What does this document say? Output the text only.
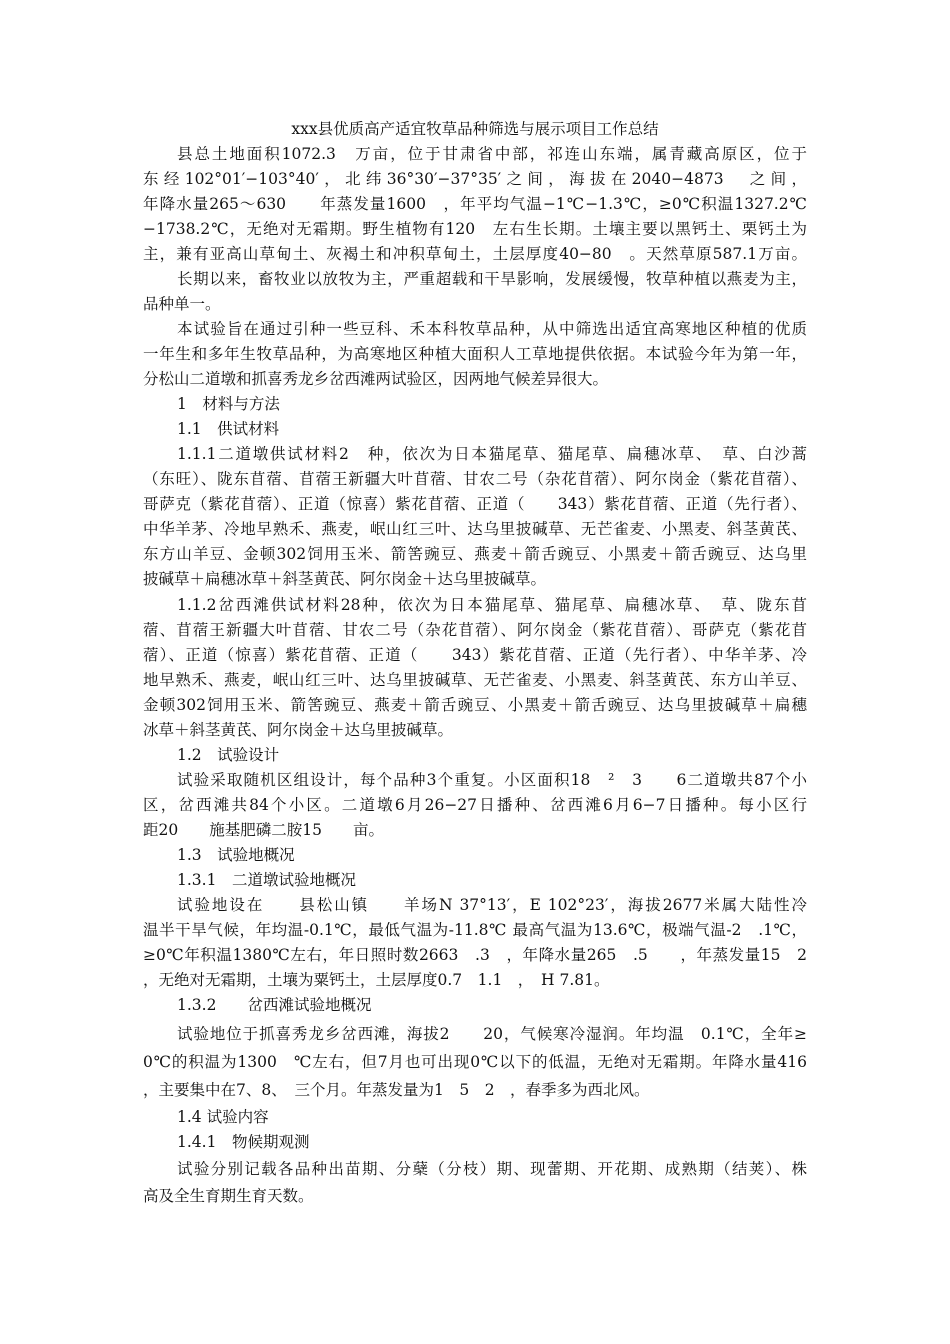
xxx县优质高产适宜牧草品种筛选与展示项目工作总结
县总土地面积1072.3　万亩，位于甘肃省中部，祁连山东端，属青藏高原区，位于
东经102°01′−103°40′，北纬36°30′−37°35′之间，海拔在2040−4873　之间，
年降水量265～630　　年蒸发量1600　，年平均气温−1℃−1.3℃，≥0℃积温1327.2℃
−1738.2℃，无绝对无霜期。野生植物有120　左右生长期。土壤主要以黑钙土、栗钙土为
主，兼有亚高山草甸土、灰褐土和冲积草甸土，土层厚度40−80　。天然草原587.1万亩。
长期以来，畜牧业以放牧为主，严重超载和干旱影响，发展缓慢，牧草种植以燕麦为主，
品种单一。
本试验旨在通过引种一些豆科、禾本科牧草品种，从中筛选出适宜高寒地区种植的优质
一年生和多年生牧草品种，为高寒地区种植大面积人工草地提供依据。本试验今年为第一年，
分松山二道墩和抓喜秀龙乡岔西滩两试验区，因两地气候差异很大。
1　材料与方法
1.1　供试材料
1.1.1二道墩供试材料2　种，依次为日本猫尾草、猫尾草、扁穗冰草、　草、白沙蒿
（东旺）、陇东苜蓿、苜蓿王新疆大叶苜蓿、甘农二号（杂花苜蓿）、阿尔岗金（紫花苜蓿）、
哥萨克（紫花苜蓿）、正道（惊喜）紫花苜蓿、正道（　　343）紫花苜蓿、正道（先行者）、
中华羊茅、冷地早熟禾、燕麦，岷山红三叶、达乌里披碱草、无芒雀麦、小黑麦、斜茎黄芪、
东方山羊豆、金顿302饲用玉米、箭筈豌豆、燕麦＋箭舌豌豆、小黑麦＋箭舌豌豆、达乌里
披碱草＋扁穗冰草＋斜茎黄芪、阿尔岗金＋达乌里披碱草。
1.1.2岔西滩供试材料28种，依次为日本猫尾草、猫尾草、扁穗冰草、　草、陇东苜
蓿、苜蓿王新疆大叶苜蓿、甘农二号（杂花苜蓿）、阿尔岗金（紫花苜蓿）、哥萨克（紫花苜
蓿）、正道（惊喜）紫花苜蓿、正道（　　343）紫花苜蓿、正道（先行者）、中华羊茅、冷
地早熟禾、燕麦，岷山红三叶、达乌里披碱草、无芒雀麦、小黑麦、斜茎黄芪、东方山羊豆、
金顿302饲用玉米、箭筈豌豆、燕麦＋箭舌豌豆、小黑麦＋箭舌豌豆、达乌里披碱草＋扁穗
冰草＋斜茎黄芪、阿尔岗金＋达乌里披碱草。
1.2　试验设计
试验采取随机区组设计，每个品种3个重复。小区面积18　²　3　　6二道墩共87个小
区，岔西滩共84个小区。二道墩6月26−27日播种、岔西滩6月6−7日播种。每小区行
距20　　施基肥磷二胺15　　亩。
1.3　试验地概况
1.3.1　二道墩试验地概况
试验地设在　　县松山镇　　羊场N 37°13′，E 102°23′，海拔2677米属大陆性冷
温半干旱气候，年均温-0.1℃，最低气温为-11.8℃ 最高气温为13.6℃，极端气温-2　.1℃，
≥0℃年积温1380℃左右，年日照时数2663　.3　，年降水量265　.5　　，年蒸发量15　2
，无绝对无霜期，土壤为粟钙土，土层厚度0.7　1.1　，　H 7.81。
1.3.2　　岔西滩试验地概况
试验地位于抓喜秀龙乡岔西滩，海拔2　　20，气候寒冷湿润。年均温　0.1℃，全年≥
0℃的积温为1300　℃左右，但7月也可出现0℃以下的低温，无绝对无霜期。年降水量416
，主要集中在7、8、　三个月。年蒸发量为1　5　2　，春季多为西北风。
1.4 试验内容
1.4.1　物候期观测
试验分别记载各品种出苗期、分蘖（分枝）期、现蕾期、开花期、成熟期（结荚）、株
高及全生育期生育天数。
